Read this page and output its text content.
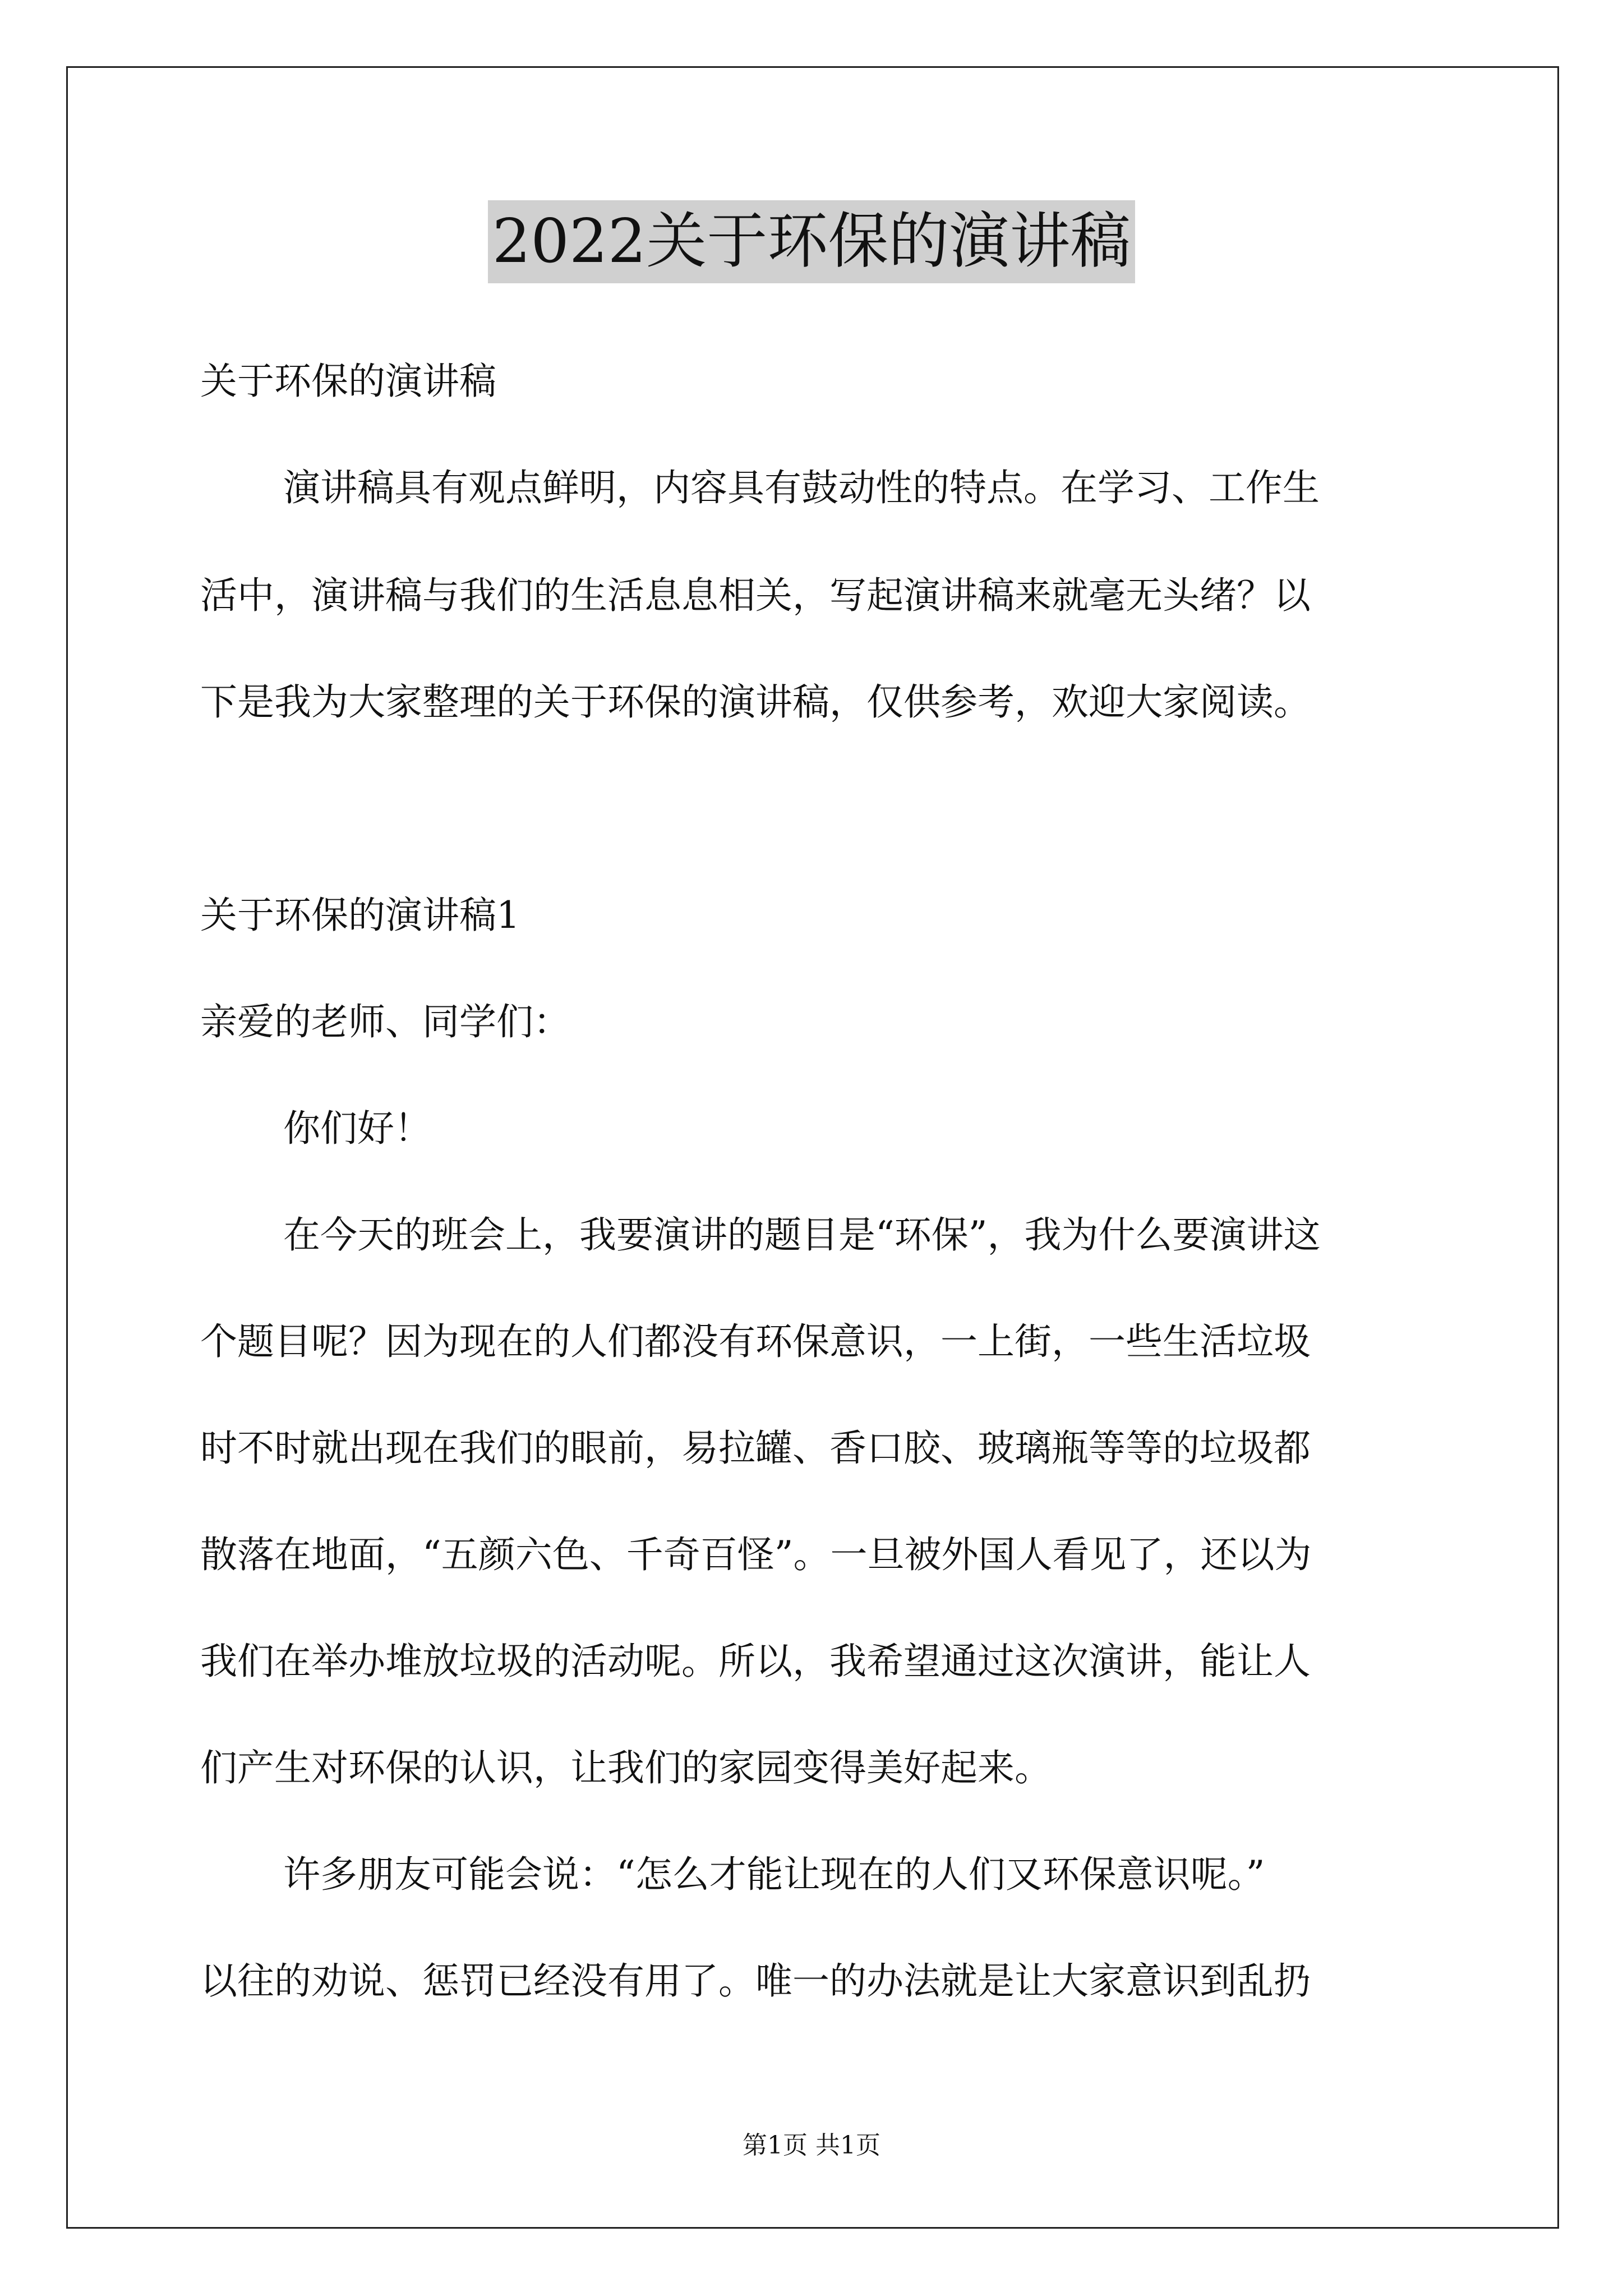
2022关于环保的演讲稿
关于环保的演讲稿
演讲稿具有观点鲜明，内容具有鼓动性的特点。在学习、工作生
活中，演讲稿与我们的生活息息相关，写起演讲稿来就毫无头绪？以
下是我为大家整理的关于环保的演讲稿，仅供参考，欢迎大家阅读。
关于环保的演讲稿1
亲爱的老师、同学们：
你们好！
在今天的班会上，我要演讲的题目是“环保”，我为什么要演讲这
个题目呢？因为现在的人们都没有环保意识，一上街，一些生活垃圾
时不时就出现在我们的眼前，易拉罐、香口胶、玻璃瓶等等的垃圾都
散落在地面，“五颜六色、千奇百怪”。一旦被外国人看见了，还以为
我们在举办堆放垃圾的活动呢。所以，我希望通过这次演讲，能让人
们产生对环保的认识，让我们的家园变得美好起来。
许多朋友可能会说：“怎么才能让现在的人们又环保意识呢。”
以往的劝说、惩罚已经没有用了。唯一的办法就是让大家意识到乱扔
第1页 共1页
